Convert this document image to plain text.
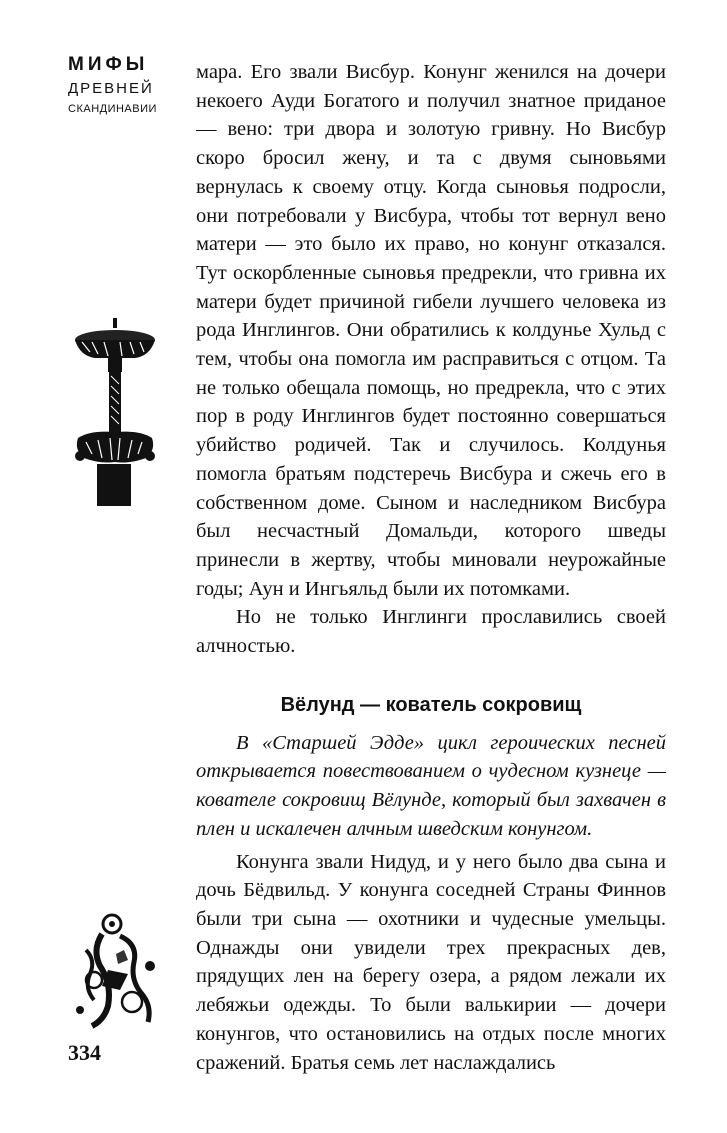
МИФЫ
ДРЕВНЕЙ
СКАНДИНАВИИ
334

мара. Его звали Висбур. Конунг женился на дочери некоего Ауди Богатого и получил знатное приданое — вено: три двора и золотую гривну. Но Висбур скоро бросил жену, и та с двумя сыновьями вернулась к своему отцу. Когда сыновья подросли, они потребовали у Висбура, чтобы тот вернул вено матери — это было их право, но конунг отказался. Тут оскорбленные сыновья предрекли, что гривна их матери будет причиной гибели лучшего человека из рода Инглингов. Они обратились к колдунье Хульд с тем, чтобы она помогла им расправиться с отцом. Та не только обещала помощь, но предрекла, что с этих пор в роду Инглингов будет постоянно совершаться убийство родичей. Так и случилось. Колдунья помогла братьям подстеречь Висбура и сжечь его в собственном доме. Сыном и наследником Висбура был несчастный Домальди, которого шведы принесли в жертву, чтобы миновали неурожайные годы; Аун и Ингьяльд были их потомками.

Но не только Инглинги прославились своей алчностью.

Вёлунд — кователь сокровищ

В «Старшей Эдде» цикл героических песней открывается повествованием о чудесном кузнеце — кователе сокровищ Вёлунде, который был захвачен в плен и искалечен алчным шведским конунгом.

Конунга звали Нидуд, и у него было два сына и дочь Бёдвильд. У конунга соседней Страны Финнов были три сына — охотники и чудесные умельцы. Однажды они увидели трех прекрасных дев, прядущих лен на берегу озера, а рядом лежали их лебяжьи одежды. То были валькирии — дочери конунгов, что остановились на отдых после многих сражений. Братья семь лет наслаждались
